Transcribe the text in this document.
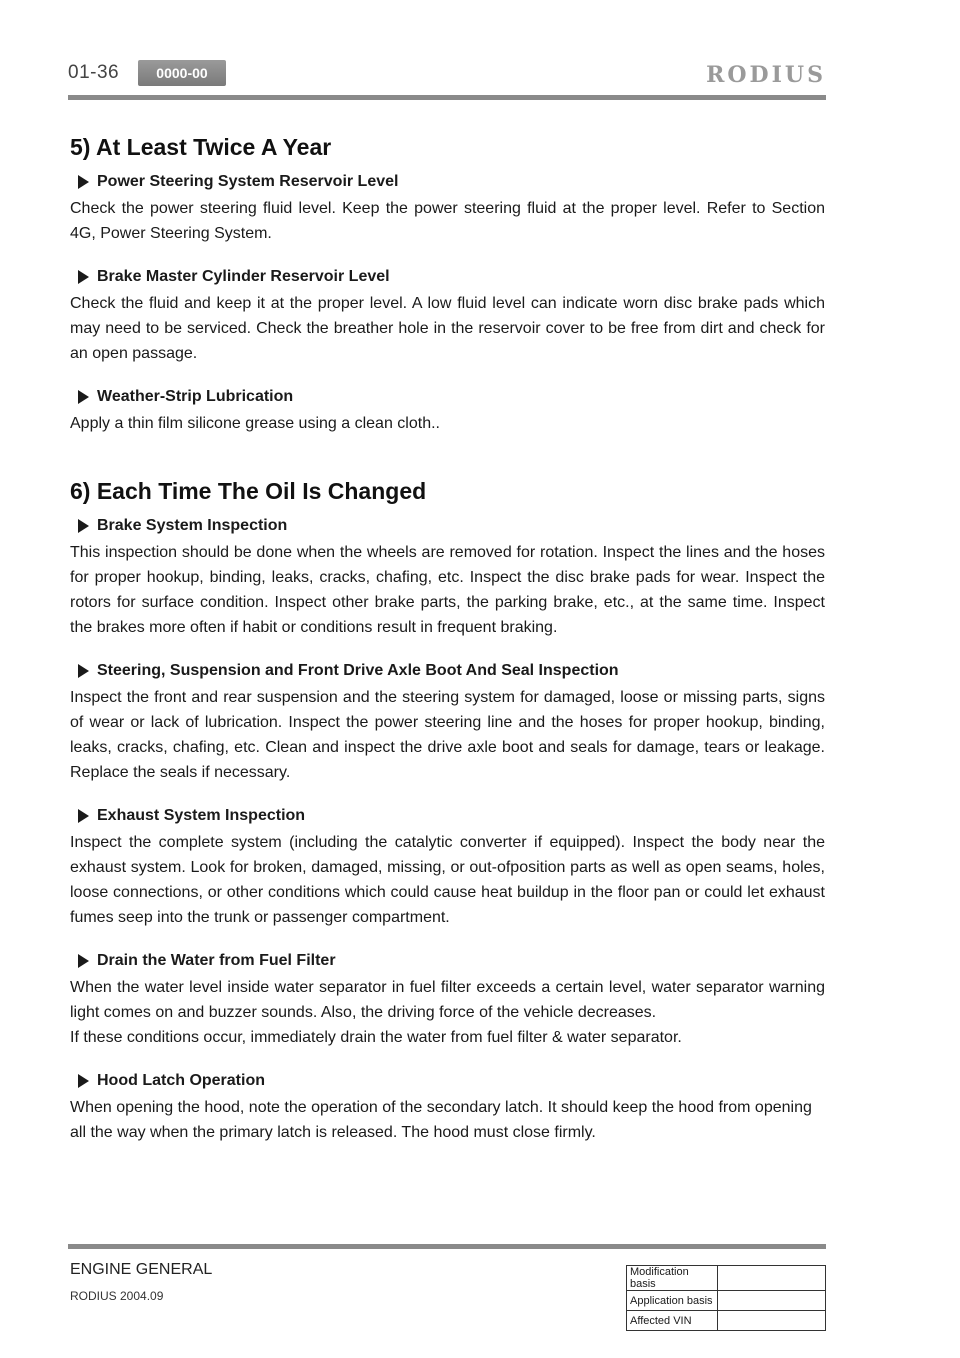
01-36	0000-00	RODIUS
5) At Least Twice A Year
Power Steering System Reservoir Level

Check the power steering fluid level. Keep the power steering fluid at the proper level. Refer to Section 4G, Power Steering System.

Brake Master Cylinder Reservoir Level

Check the fluid and keep it at the proper level. A low fluid level can indicate worn disc brake pads which may need to be serviced. Check the breather hole in the reservoir cover to be free from dirt and check for an open passage.

Weather-Strip Lubrication

Apply a thin film silicone grease using a clean cloth..

6) Each Time The Oil Is Changed
Brake System Inspection

This inspection should be done when the wheels are removed for rotation. Inspect the lines and the hoses for proper hookup, binding, leaks, cracks, chafing, etc. Inspect the disc brake pads for wear. Inspect the rotors for surface condition. Inspect other brake parts, the parking brake, etc., at the same time. Inspect the brakes more often if habit or conditions result in frequent braking.

Steering, Suspension and Front Drive Axle Boot And Seal Inspection

Inspect the front and rear suspension and the steering system for damaged, loose or missing parts, signs of wear or lack of lubrication. Inspect the power steering line and the hoses for proper hookup, binding, leaks, cracks, chafing, etc. Clean and inspect the drive axle boot and seals for damage, tears or leakage. Replace the seals if necessary.

Exhaust System Inspection

Inspect the complete system (including the catalytic converter if equipped). Inspect the body near the exhaust system. Look for broken, damaged, missing, or out-ofposition parts as well as open seams, holes, loose connections, or other conditions which could cause heat buildup in the floor pan or could let exhaust fumes seep into the trunk or passenger compartment.

Drain the Water from Fuel Filter

When the water level inside water separator in fuel filter exceeds a certain level, water separator warning light comes on and buzzer sounds. Also, the driving force of the vehicle decreases.

If these conditions occur, immediately drain the water from fuel filter & water separator.

Hood Latch Operation

When opening the hood, note the operation of the secondary latch. It should keep the hood from opening all the way when the primary latch is released. The hood must close firmly.

ENGINE GENERAL
RODIUS 2004.09
Modification basis	
Application basis	
Affected VIN	
